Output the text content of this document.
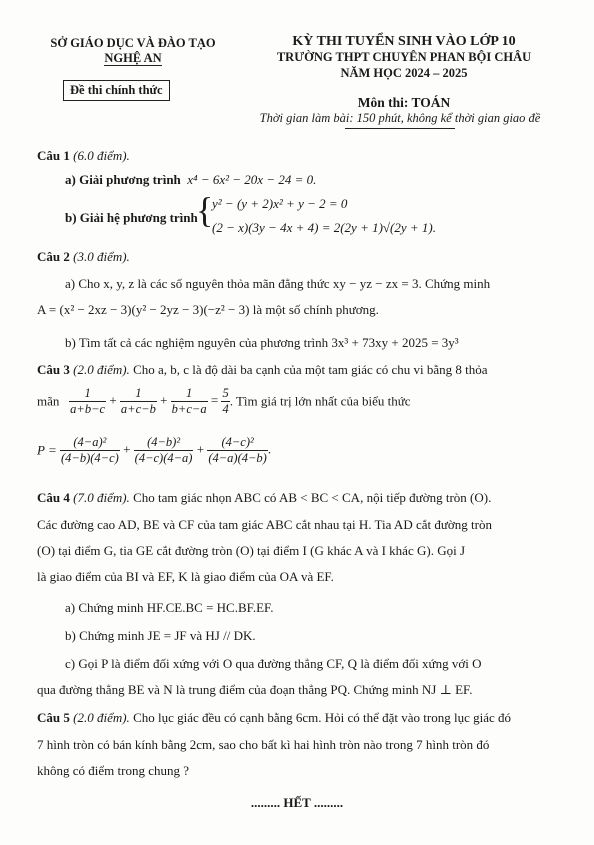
SỞ GIÁO DỤC VÀ ĐÀO TẠO
NGHỆ AN
Đề thi chính thức
KỲ THI TUYỂN SINH VÀO LỚP 10
TRƯỜNG THPT CHUYÊN PHAN BỘI CHÂU
NĂM HỌC 2024 – 2025
Môn thi: TOÁN
Thời gian làm bài: 150 phút, không kể thời gian giao đề
Câu 1 (6.0 điểm).
a) Giải phương trình x⁴ − 6x² − 20x − 24 = 0.
b) Giải hệ phương trình
{
y² − (y + 2)x² + y − 2 = 0
(2 − x)(3y − 4x + 4) = 2(2y + 1)√(2y + 1).
Câu 2 (3.0 điểm).
a) Cho x, y, z là các số nguyên thỏa mãn đẳng thức xy − yz − zx = 3. Chứng minh
A = (x² − 2xz − 3)(y² − 2yz − 3)(−z² − 3) là một số chính phương.
b) Tìm tất cả các nghiệm nguyên của phương trình 3x³ + 73xy + 2025 = 3y³
Câu 3 (2.0 điểm). Cho a, b, c là độ dài ba cạnh của một tam giác có chu vi bằng 8 thỏa
mãn $\frac{1}{a+b-c} + \frac{1}{a+c-b} + \frac{1}{b+c-a} = \frac{5}{4}$ . Tìm giá trị lớn nhất của biểu thức
$P = \frac{\text{(4−a)²}}{(4-b)(4-c)} + \frac{\text{(4−b)²}}{(4-c)(4-a)} + \frac{\text{(4−c)²}}{(4-a)(4-b)}$ .
Câu 4 (7.0 điểm). Cho tam giác nhọn ABC có AB < BC < CA, nội tiếp đường tròn (O).
Các đường cao AD, BE và CF của tam giác ABC cắt nhau tại H. Tia AD cắt đường tròn
(O) tại điểm G, tia GE cắt đường tròn (O) tại điểm I (G khác A và I khác G). Gọi J
là giao điểm của BI và EF, K là giao điểm của OA và EF.
a) Chứng minh HF.CE.BC = HC.BF.EF.
b) Chứng minh JE = JF và HJ // DK.
c) Gọi P là điểm đối xứng với O qua đường thẳng CF, Q là điểm đối xứng với O
qua đường thẳng BE và N là trung điểm của đoạn thẳng PQ. Chứng minh NJ ⊥ EF.
Câu 5 (2.0 điểm). Cho lục giác đều có cạnh bằng 6cm. Hỏi có thể đặt vào trong lục giác đó
7 hình tròn có bán kính bằng 2cm, sao cho bất kì hai hình tròn nào trong 7 hình tròn đó
không có điểm trong chung ?
......... HẾT .........
